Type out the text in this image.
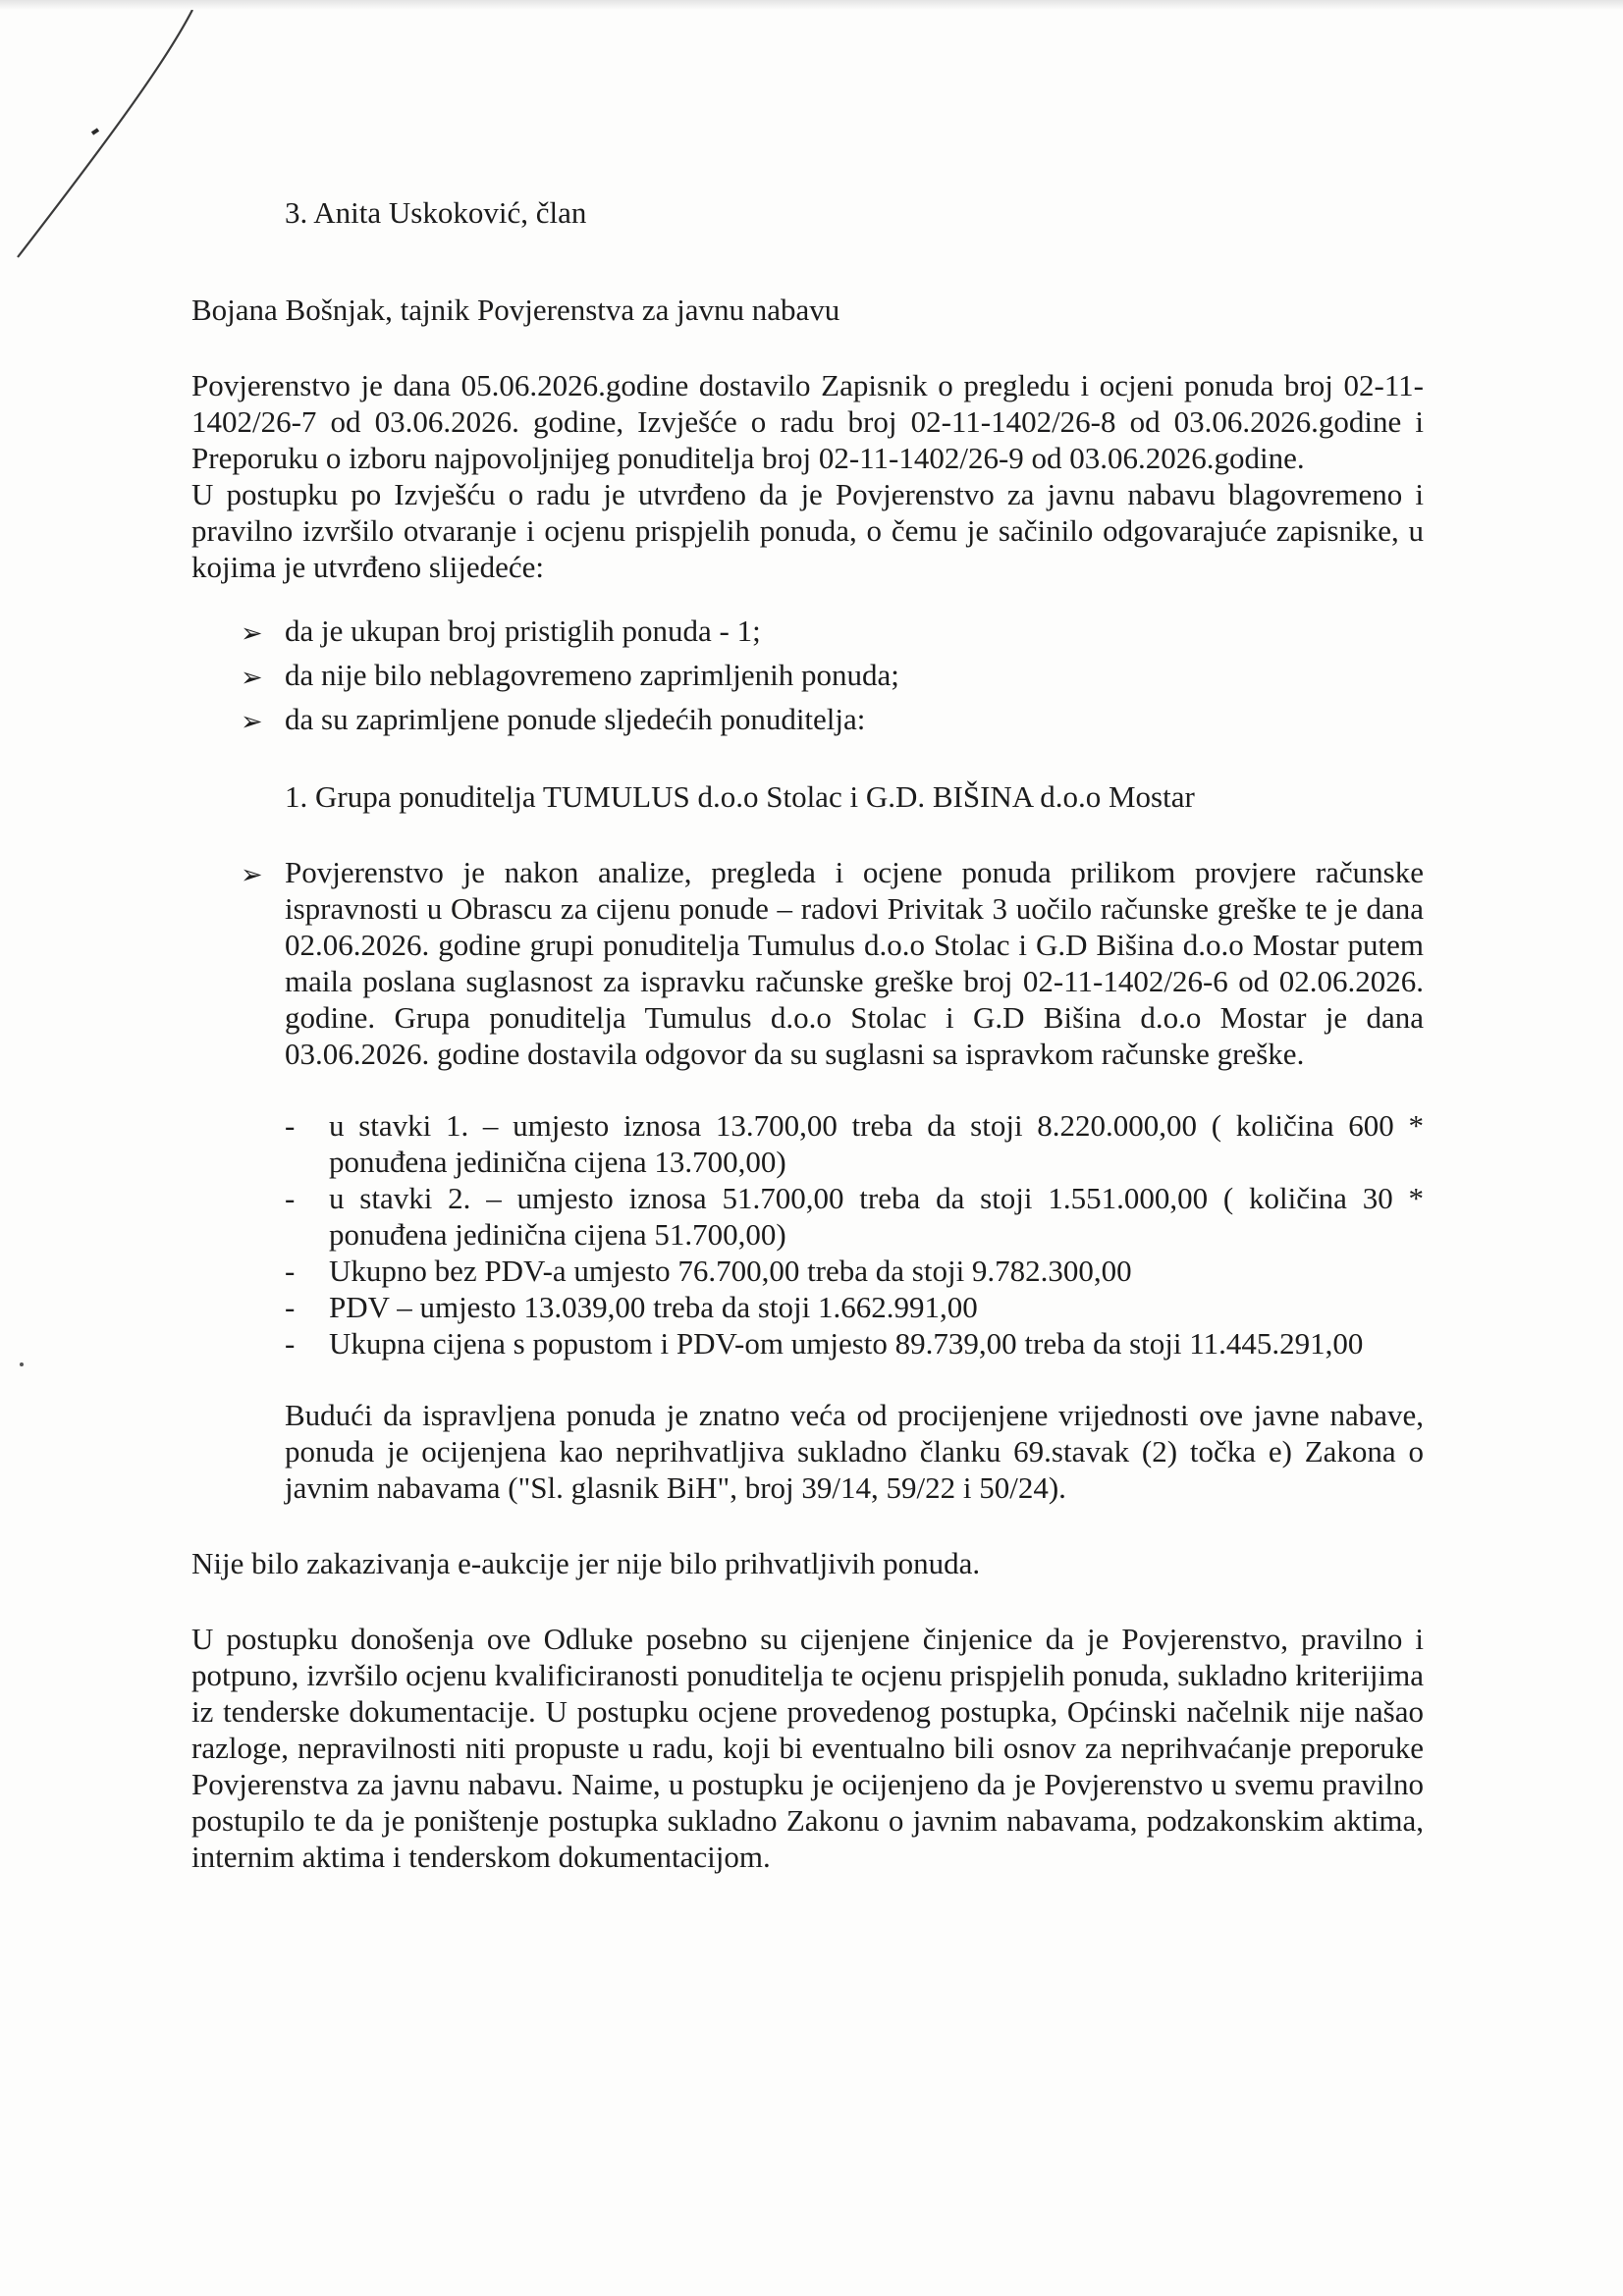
3. Anita Uskoković, član

Bojana Bošnjak, tajnik Povjerenstva za javnu nabavu

Povjerenstvo je dana 05.06.2026.godine dostavilo Zapisnik o pregledu i ocjeni ponuda broj 02-11-1402/26-7 od 03.06.2026. godine, Izvješće o radu broj 02-11-1402/26-8 od 03.06.2026.godine i Preporuku o izboru najpovoljnijeg ponuditelja broj 02-11-1402/26-9 od 03.06.2026.godine.

U postupku po Izvješću o radu je utvrđeno da je Povjerenstvo za javnu nabavu blagovremeno i pravilno izvršilo otvaranje i ocjenu prispjelih ponuda, o čemu je sačinilo odgovarajuće zapisnike, u kojima je utvrđeno slijedeće:

➢ da je ukupan broj pristiglih ponuda - 1;
➢ da nije bilo neblagovremeno zaprimljenih ponuda;
➢ da su zaprimljene ponude sljedećih ponuditelja:

1. Grupa ponuditelja TUMULUS d.o.o Stolac i G.D. BIŠINA d.o.o Mostar

➢ Povjerenstvo je nakon analize, pregleda i ocjene ponuda prilikom provjere računske ispravnosti u Obrascu za cijenu ponude – radovi Privitak 3 uočilo računske greške te je dana 02.06.2026. godine grupi ponuditelja Tumulus d.o.o Stolac i G.D Bišina d.o.o Mostar putem maila poslana suglasnost za ispravku računske greške broj 02-11-1402/26-6 od 02.06.2026. godine. Grupa ponuditelja Tumulus d.o.o Stolac i G.D Bišina d.o.o Mostar je dana 03.06.2026. godine dostavila odgovor da su suglasni sa ispravkom računske greške.
- u stavki 1. – umjesto iznosa 13.700,00 treba da stoji 8.220.000,00 ( količina 600 * ponuđena jedinična cijena 13.700,00)
- u stavki 2. – umjesto iznosa 51.700,00 treba da stoji 1.551.000,00 ( količina 30 * ponuđena jedinična cijena 51.700,00)
- Ukupno bez PDV-a umjesto 76.700,00 treba da stoji 9.782.300,00
- PDV – umjesto 13.039,00 treba da stoji 1.662.991,00
- Ukupna cijena s popustom i PDV-om umjesto 89.739,00 treba da stoji 11.445.291,00

Budući da ispravljena ponuda je znatno veća od procijenjene vrijednosti ove javne nabave, ponuda je ocijenjena kao neprihvatljiva sukladno članku 69.stavak (2) točka e) Zakona o javnim nabavama ("Sl. glasnik BiH", broj 39/14, 59/22 i 50/24).

Nije bilo zakazivanja e-aukcije jer nije bilo prihvatljivih ponuda.

U postupku donošenja ove Odluke posebno su cijenjene činjenice da je Povjerenstvo, pravilno i potpuno, izvršilo ocjenu kvalificiranosti ponuditelja te ocjenu prispjelih ponuda, sukladno kriterijima iz tenderske dokumentacije. U postupku ocjene provedenog postupka, Općinski načelnik nije našao razloge, nepravilnosti niti propuste u radu, koji bi eventualno bili osnov za neprihvaćanje preporuke Povjerenstva za javnu nabavu. Naime, u postupku je ocijenjeno da je Povjerenstvo u svemu pravilno postupilo te da je poništenje postupka sukladno Zakonu o javnim nabavama, podzakonskim aktima, internim aktima i tenderskom dokumentacijom.
